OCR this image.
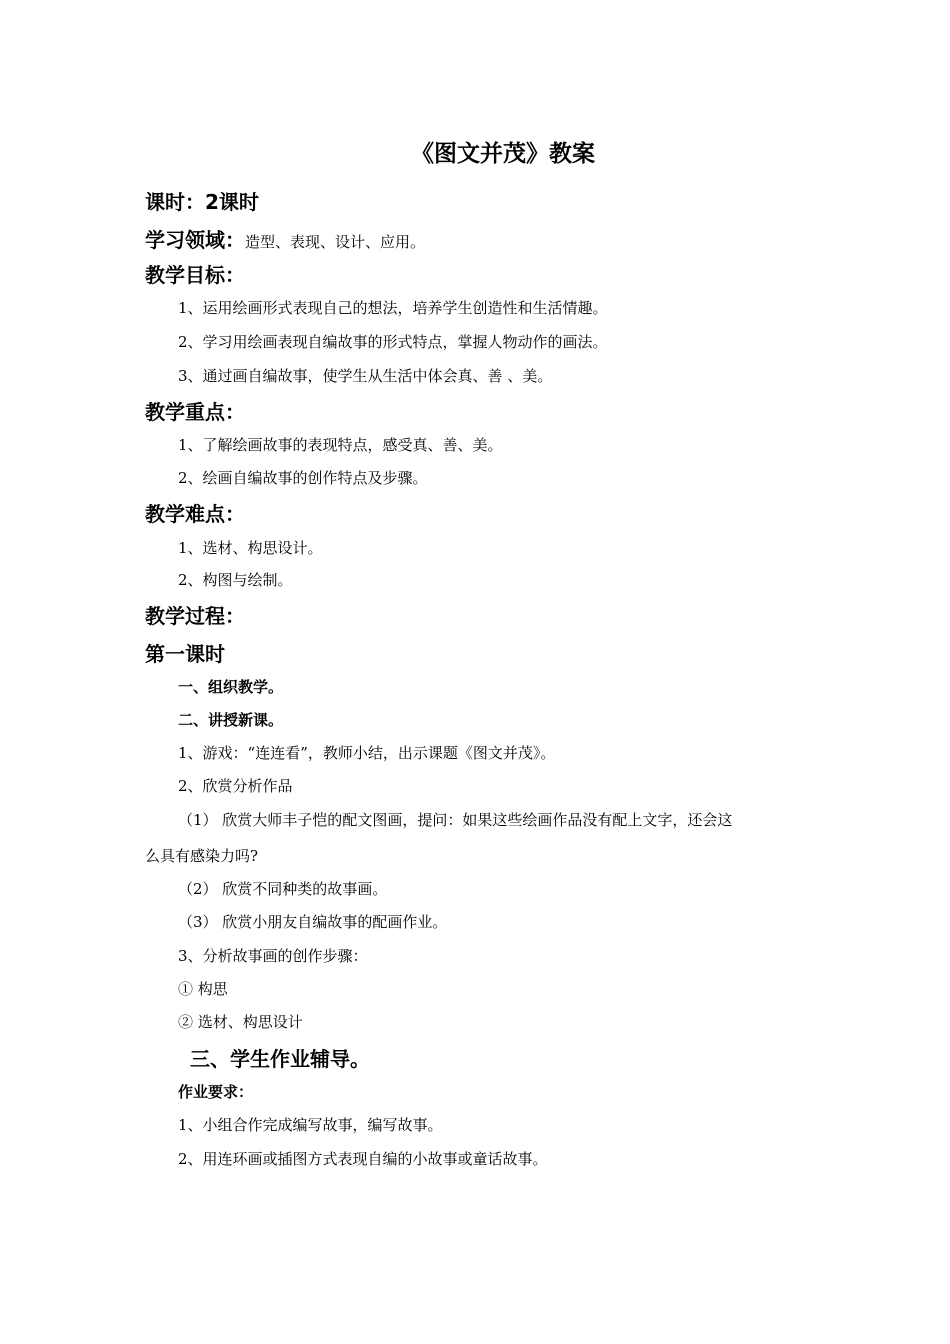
《图文并茂》教案
课时：2课时
学习领域：造型、表现、设计、应用。
教学目标：
1、运用绘画形式表现自己的想法，培养学生创造性和生活情趣。
2、学习用绘画表现自编故事的形式特点，掌握人物动作的画法。
3、通过画自编故事，使学生从生活中体会真、善 、美。
教学重点：
1、了解绘画故事的表现特点，感受真、善、美。
2、绘画自编故事的创作特点及步骤。
教学难点：
1、选材、构思设计。
2、构图与绘制。
教学过程：
第一课时
一、组织教学。
二、讲授新课。
1、游戏：“连连看”，教师小结，出示课题《图文并茂》。
2、欣赏分析作品
（1） 欣赏大师丰子恺的配文图画，提问：如果这些绘画作品没有配上文字，还会这
么具有感染力吗?
（2） 欣赏不同种类的故事画。
（3） 欣赏小朋友自编故事的配画作业。
3、分析故事画的创作步骤：
① 构思
② 选材、构思设计
三、学生作业辅导。
作业要求：
1、小组合作完成编写故事，编写故事。
2、用连环画或插图方式表现自编的小故事或童话故事。
